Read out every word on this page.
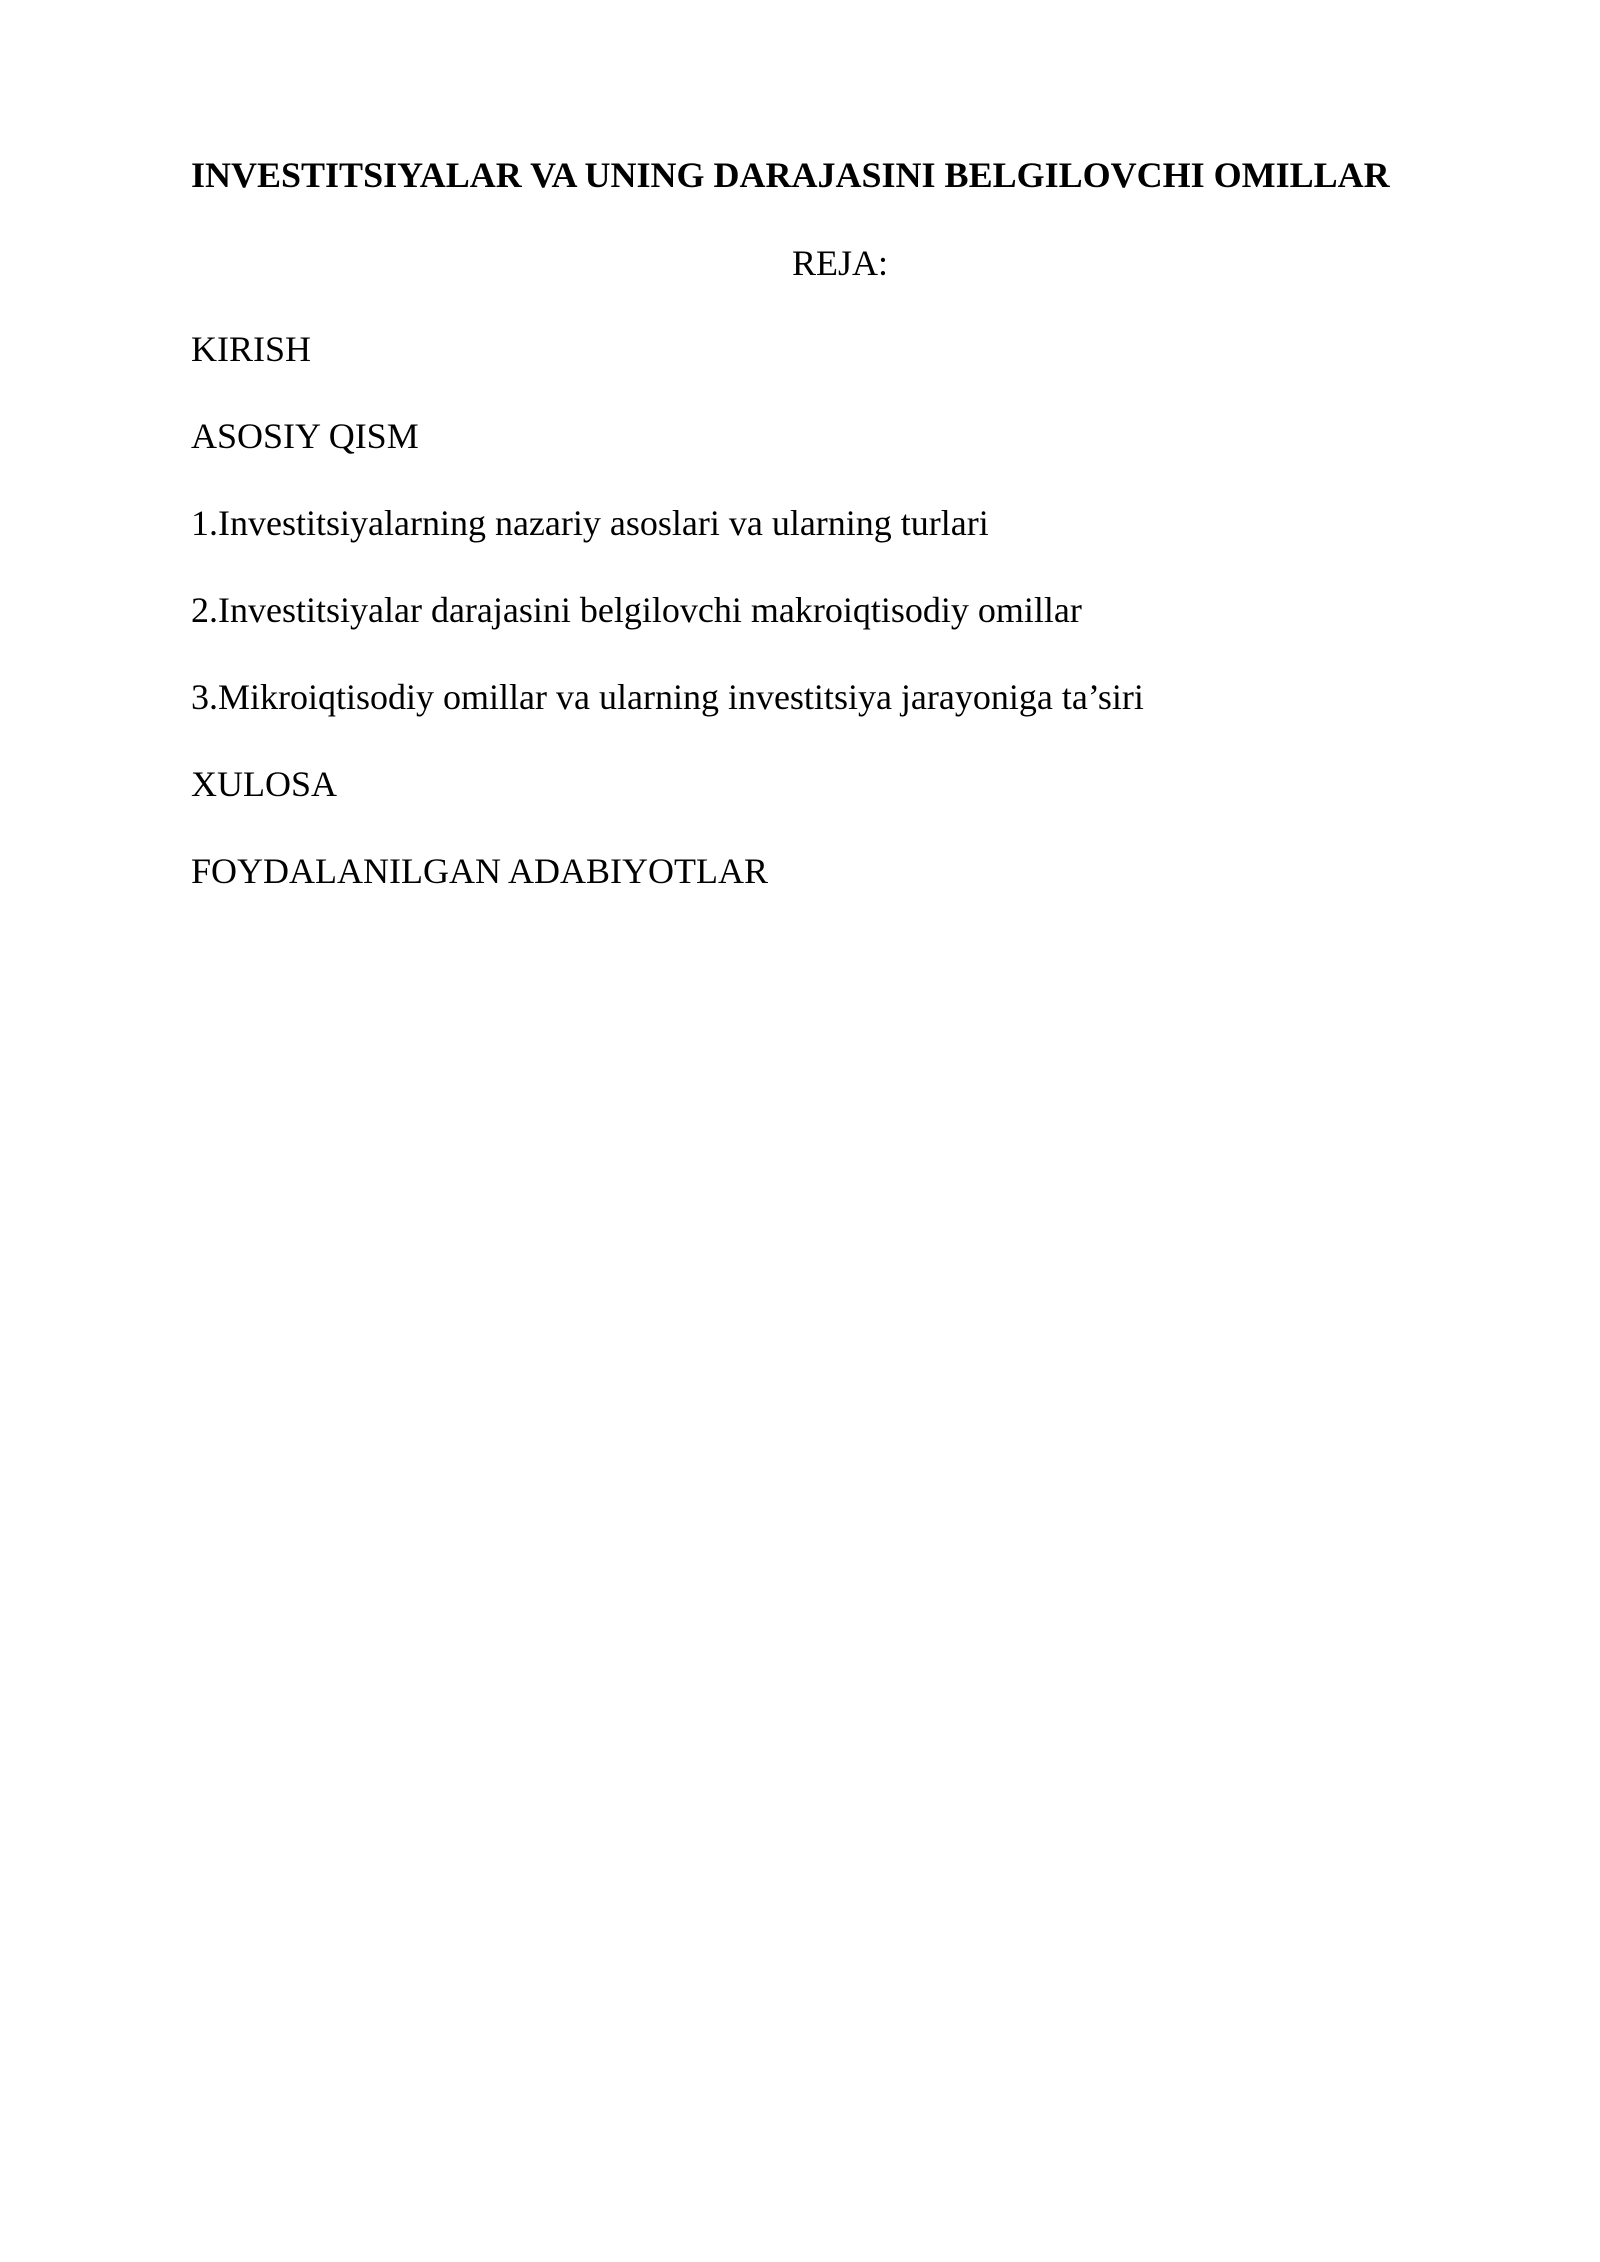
INVESTITSIYALAR VA UNING DARAJASINI BELGILOVCHI OMILLAR

REJA:

KIRISH

ASOSIY QISM

1.Investitsiyalarning nazariy asoslari va ularning turlari

2.Investitsiyalar darajasini belgilovchi makroiqtisodiy omillar

3.Mikroiqtisodiy omillar va ularning investitsiya jarayoniga ta’siri

XULOSA

FOYDALANILGAN ADABIYOTLAR
